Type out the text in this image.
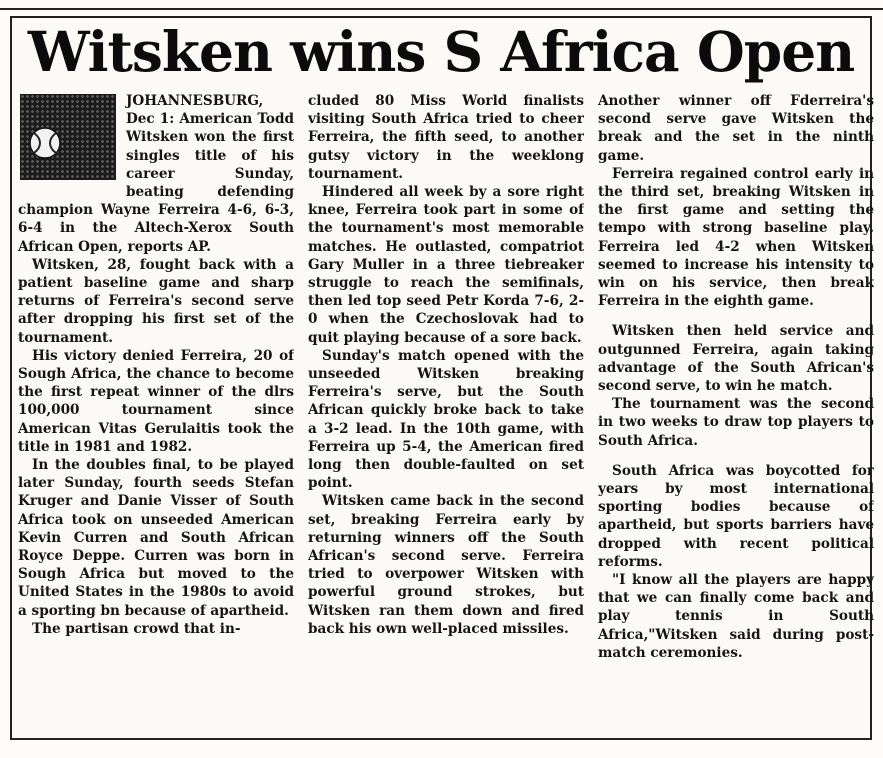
Witsken wins S Africa Open

JOHANNESBURG, Dec 1: American Todd Witsken won the first singles title of his career Sunday, beating defending champion Wayne Ferreira 4-6, 6-3, 6-4 in the Altech-Xerox South African Open, reports AP.

Witsken, 28, fought back with a patient baseline game and sharp returns of Ferreira's second serve after dropping his first set of the tournament.

His victory denied Ferreira, 20 of Sough Africa, the chance to become the first repeat winner of the dlrs 100,000 tournament since American Vitas Gerulaitis took the title in 1981 and 1982.

In the doubles final, to be played later Sunday, fourth seeds Stefan Kruger and Danie Visser of South Africa took on unseeded American Kevin Curren and South African Royce Deppe. Curren was born in Sough Africa but moved to the United States in the 1980s to avoid a sporting bn because of apartheid.

The partisan crowd that in-

cluded 80 Miss World finalists visiting South Africa tried to cheer Ferreira, the fifth seed, to another gutsy victory in the weeklong tournament.

Hindered all week by a sore right knee, Ferreira took part in some of the tournament's most memorable matches. He outlasted, compatriot Gary Muller in a three tiebreaker struggle to reach the semifinals, then led top seed Petr Korda 7-6, 2-0 when the Czechoslovak had to quit playing because of a sore back.

Sunday's match opened with the unseeded Witsken breaking Ferreira's serve, but the South African quickly broke back to take a 3-2 lead. In the 10th game, with Ferreira up 5-4, the American fired long then double-faulted on set point.

Witsken came back in the second set, breaking Ferreira early by returning winners off the South African's second serve. Ferreira tried to overpower Witsken with powerful ground strokes, but Witsken ran them down and fired back his own well-placed missiles.

Another winner off Fderreira's second serve gave Witsken the break and the set in the ninth game.

Ferreira regained control early in the third set, breaking Witsken in the first game and setting the tempo with strong baseline play. Ferreira led 4-2 when Witsken seemed to increase his intensity to win on his service, then break Ferreira in the eighth game.

Witsken then held service and outgunned Ferreira, again taking advantage of the South African's second serve, to win he match.

The tournament was the second in two weeks to draw top players to South Africa.

South Africa was boycotted for years by most international sporting bodies because of apartheid, but sports barriers have dropped with recent political reforms.

"I know all the players are happy that we can finally come back and play tennis in South Africa,"Witsken said during post-match ceremonies.
